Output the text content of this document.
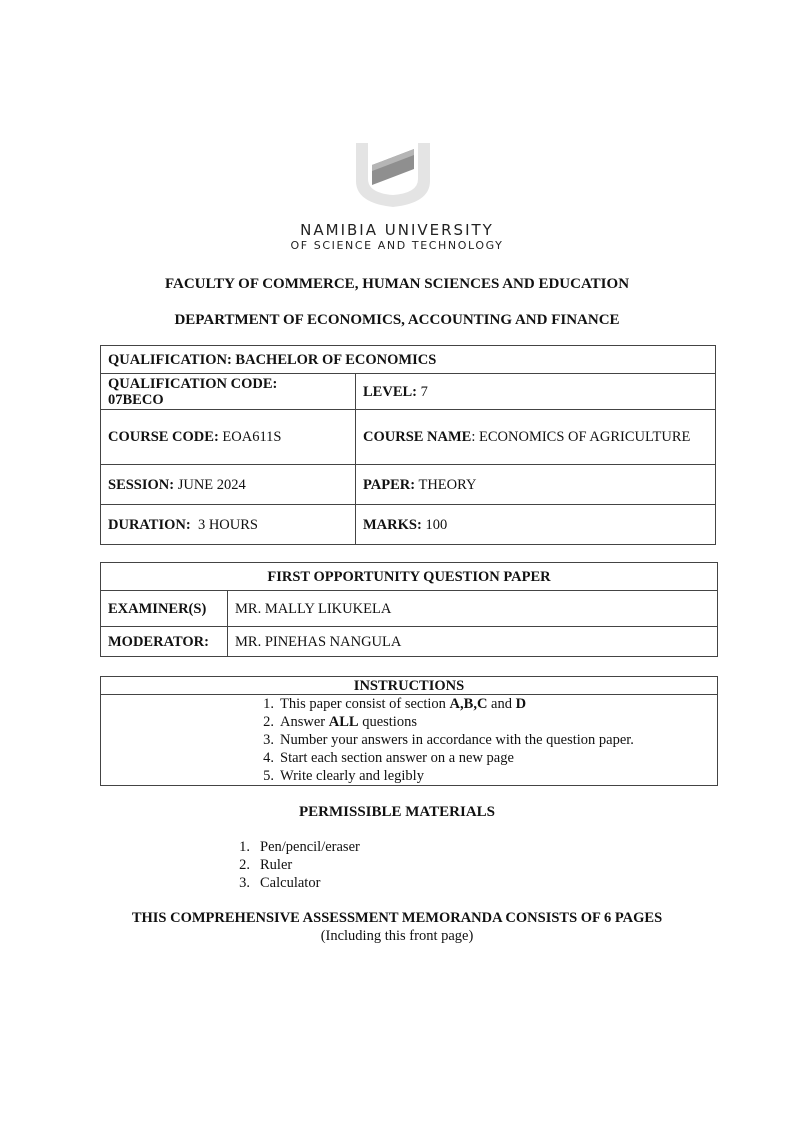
NAMIBIA UNIVERSITY
OF SCIENCE AND TECHNOLOGY
FACULTY OF COMMERCE, HUMAN SCIENCES AND EDUCATION
DEPARTMENT OF ECONOMICS, ACCOUNTING AND FINANCE
QUALIFICATION: BACHELOR OF ECONOMICS	
QUALIFICATION CODE:
07BECO	LEVEL: 7
COURSE CODE: EOA611S	COURSE NAME: ECONOMICS OF AGRICULTURE
SESSION: JUNE 2024	PAPER: THEORY
DURATION: 3 HOURS	MARKS: 100
FIRST OPPORTUNITY QUESTION PAPER	
EXAMINER(S)	MR. MALLY LIKUKELA
MODERATOR:	MR. PINEHAS NANGULA
INSTRUCTIONS

1. This paper consist of section A,B,C and D
2. Answer ALL questions
3. Number your answers in accordance with the question paper.
4. Start each section answer on a new page
5. Write clearly and legibly
PERMISSIBLE MATERIALS
1. Pen/pencil/eraser
2. Ruler
3. Calculator
THIS COMPREHENSIVE ASSESSMENT MEMORANDA CONSISTS OF 6 PAGES
(Including this front page)
